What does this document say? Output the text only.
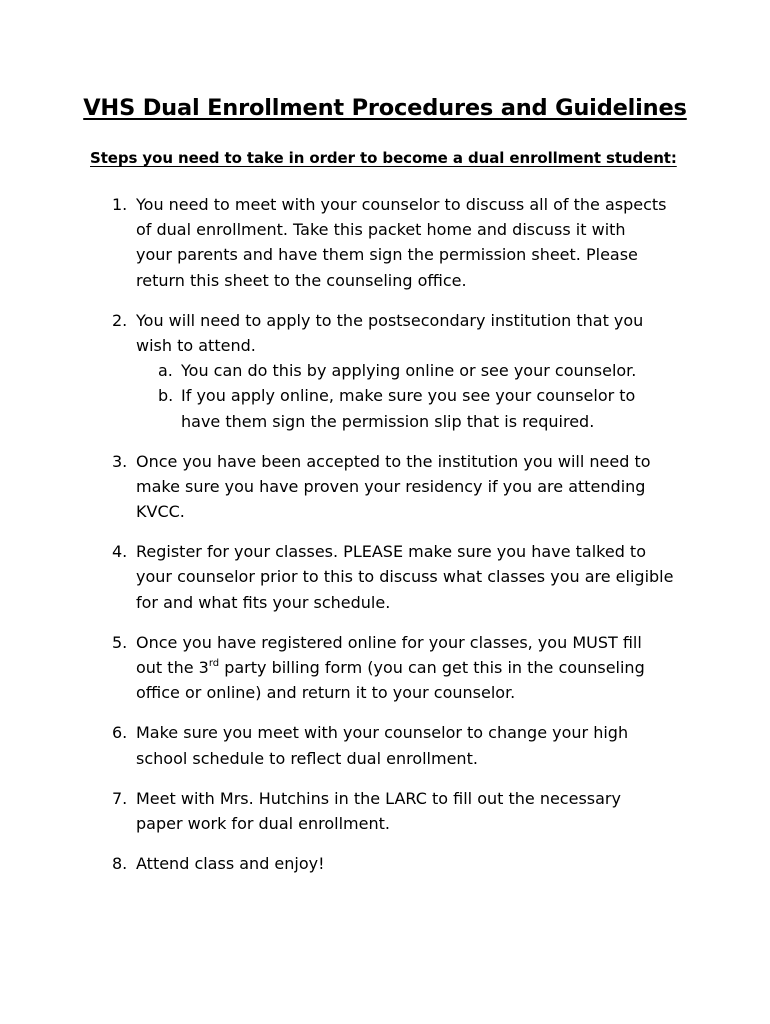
VHS Dual Enrollment Procedures and Guidelines
Steps you need to take in order to become a dual enrollment student:
1. You need to meet with your counselor to discuss all of the aspects
of dual enrollment. Take this packet home and discuss it with
your parents and have them sign the permission sheet. Please
return this sheet to the counseling office.
2. You will need to apply to the postsecondary institution that you
wish to attend.
a. You can do this by applying online or see your counselor.
b. If you apply online, make sure you see your counselor to
have them sign the permission slip that is required.
3. Once you have been accepted to the institution you will need to
make sure you have proven your residency if you are attending
KVCC.
4. Register for your classes. PLEASE make sure you have talked to
your counselor prior to this to discuss what classes you are eligible
for and what fits your schedule.
5. Once you have registered online for your classes, you MUST fill
out the 3rd party billing form (you can get this in the counseling
office or online) and return it to your counselor.
6. Make sure you meet with your counselor to change your high
school schedule to reflect dual enrollment.
7. Meet with Mrs. Hutchins in the LARC to fill out the necessary
paper work for dual enrollment.
8. Attend class and enjoy!
